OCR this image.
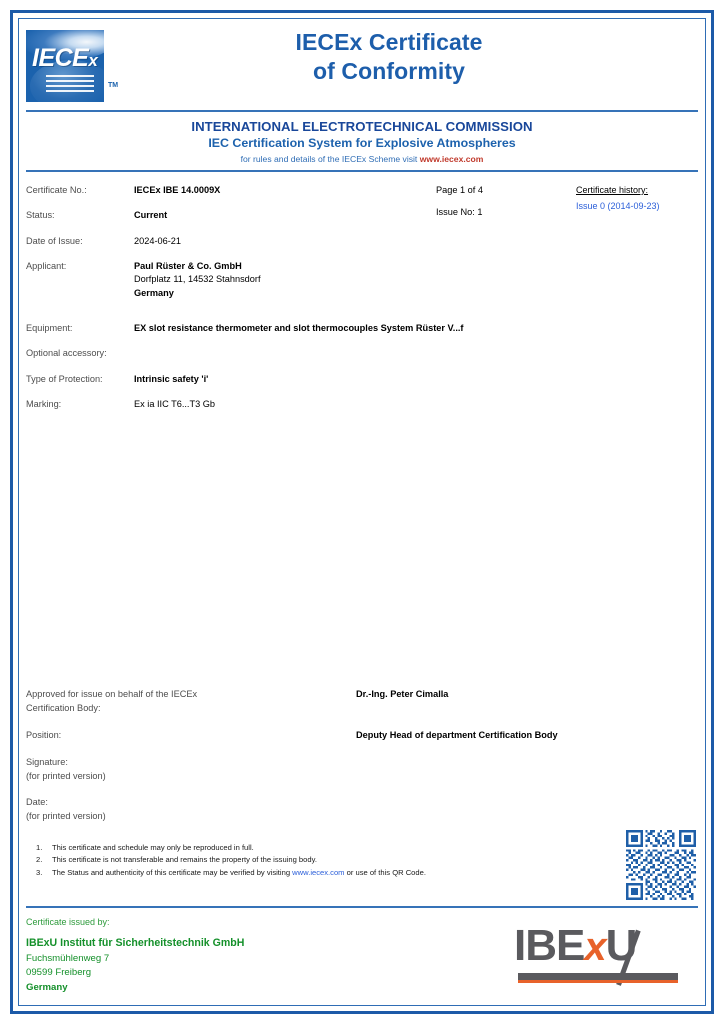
IECEx
TM
IECEx Certificate
of Conformity
INTERNATIONAL ELECTROTECHNICAL COMMISSION
IEC Certification System for Explosive Atmospheres
for rules and details of the IECEx Scheme visit www.iecex.com
Certificate No.:	IECEx IBE 14.0009X
Status:	Current
Date of Issue:	2024-06-21
Applicant:	Paul Rüster & Co. GmbH
Dorfplatz 11, 14532 Stahnsdorf
Germany
Page 1 of 4
Issue No: 1
Certificate history:
Issue 0 (2014-09-23)
Equipment:	EX slot resistance thermometer and slot thermocouples System Rüster V...f
Optional accessory:
Type of Protection:	Intrinsic safety 'i'
Marking:	Ex ia IIC T6...T3 Gb
Approved for issue on behalf of the IECEx
Certification Body:
Dr.-Ing. Peter Cimalla
Position:	Deputy Head of department Certification Body
Signature:
(for printed version)
Date:
(for printed version)
This certificate and schedule may only be reproduced in full.
This certificate is not transferable and remains the property of the issuing body.
The Status and authenticity of this certificate may be verified by visiting www.iecex.com or use of this QR Code.
Certificate issued by:
IBExU Institut für Sicherheitstechnik GmbH
Fuchsmühlenweg 7
09599 Freiberg
Germany
IBExU
